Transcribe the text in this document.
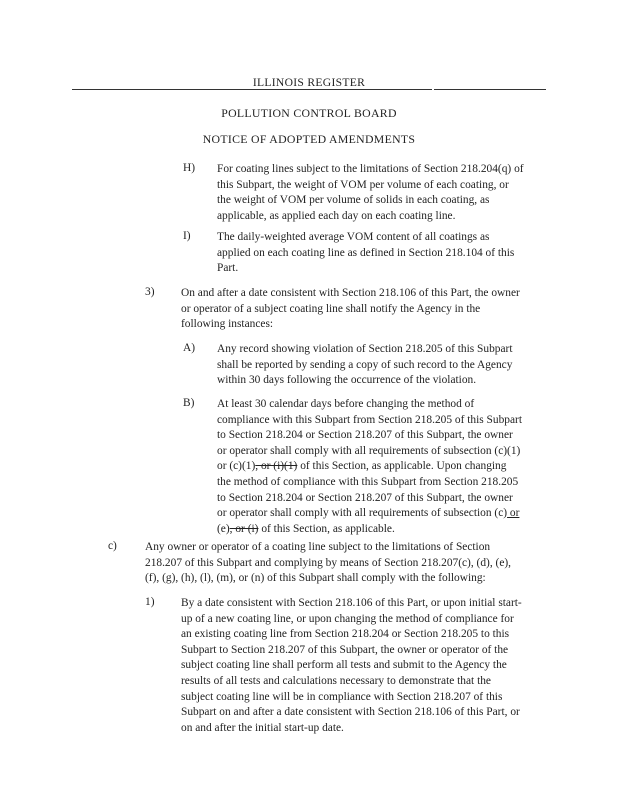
ILLINOIS REGISTER
POLLUTION CONTROL BOARD
NOTICE OF ADOPTED AMENDMENTS
H) For coating lines subject to the limitations of Section 218.204(q) of
this Subpart, the weight of VOM per volume of each coating, or
the weight of VOM per volume of solids in each coating, as
applicable, as applied each day on each coating line.
I) The daily-weighted average VOM content of all coatings as
applied on each coating line as defined in Section 218.104 of this
Part.
3) On and after a date consistent with Section 218.106 of this Part, the owner
or operator of a subject coating line shall notify the Agency in the
following instances:
A) Any record showing violation of Section 218.205 of this Subpart
shall be reported by sending a copy of such record to the Agency
within 30 days following the occurrence of the violation.
B) At least 30 calendar days before changing the method of
compliance with this Subpart from Section 218.205 of this Subpart
to Section 218.204 or Section 218.207 of this Subpart, the owner
or operator shall comply with all requirements of subsection (c)(1)
or (c)(1), or (i)(1) of this Section, as applicable. Upon changing
the method of compliance with this Subpart from Section 218.205
to Section 218.204 or Section 218.207 of this Subpart, the owner
or operator shall comply with all requirements of subsection (c) or
(e), or (i) of this Section, as applicable.
c) Any owner or operator of a coating line subject to the limitations of Section
218.207 of this Subpart and complying by means of Section 218.207(c), (d), (e),
(f), (g), (h), (l), (m), or (n) of this Subpart shall comply with the following:
1) By a date consistent with Section 218.106 of this Part, or upon initial start-
up of a new coating line, or upon changing the method of compliance for
an existing coating line from Section 218.204 or Section 218.205 to this
Subpart to Section 218.207 of this Subpart, the owner or operator of the
subject coating line shall perform all tests and submit to the Agency the
results of all tests and calculations necessary to demonstrate that the
subject coating line will be in compliance with Section 218.207 of this
Subpart on and after a date consistent with Section 218.106 of this Part, or
on and after the initial start-up date.
